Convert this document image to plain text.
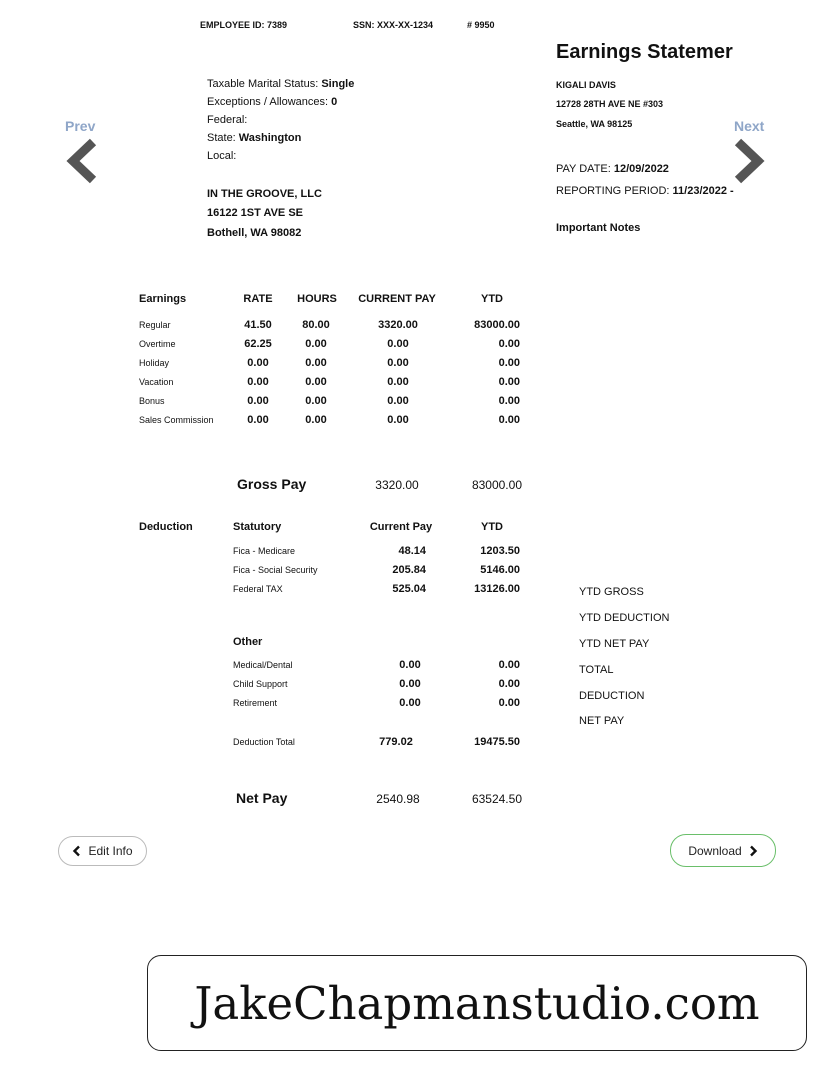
EMPLOYEE ID: 7389	SSN: XXX-XX-1234	# 9950
Earnings Statemer
Taxable Marital Status: Single
Exceptions / Allowances: 0
Federal:
State: Washington
Local:
IN THE GROOVE, LLC
16122 1ST AVE SE
Bothell, WA 98082
KIGALI DAVIS
12728 28TH AVE NE #303
Seattle, WA 98125
PAY DATE: 12/09/2022
REPORTING PERIOD: 11/23/2022 -
Important Notes
Prev	Next
Earnings	RATE	HOURS	CURRENT PAY	YTD
Regular	41.50	80.00	3320.00	83000.00
Overtime	62.25	0.00	0.00	0.00
Holiday	0.00	0.00	0.00	0.00
Vacation	0.00	0.00	0.00	0.00
Bonus	0.00	0.00	0.00	0.00
Sales Commission	0.00	0.00	0.00	0.00
Gross Pay	3320.00	83000.00
Deduction	Statutory	Current Pay	YTD
Fica - Medicare	48.14	1203.50
Fica - Social Security	205.84	5146.00
Federal TAX	525.04	13126.00
Other
Medical/Dental	0.00	0.00
Child Support	0.00	0.00
Retirement	0.00	0.00
Deduction Total	779.02	19475.50
Net Pay	2540.98	63524.50
YTD GROSS
YTD DEDUCTION
YTD NET PAY
TOTAL
DEDUCTION
NET PAY
Edit Info	Download
JakeChapmanstudio.com
